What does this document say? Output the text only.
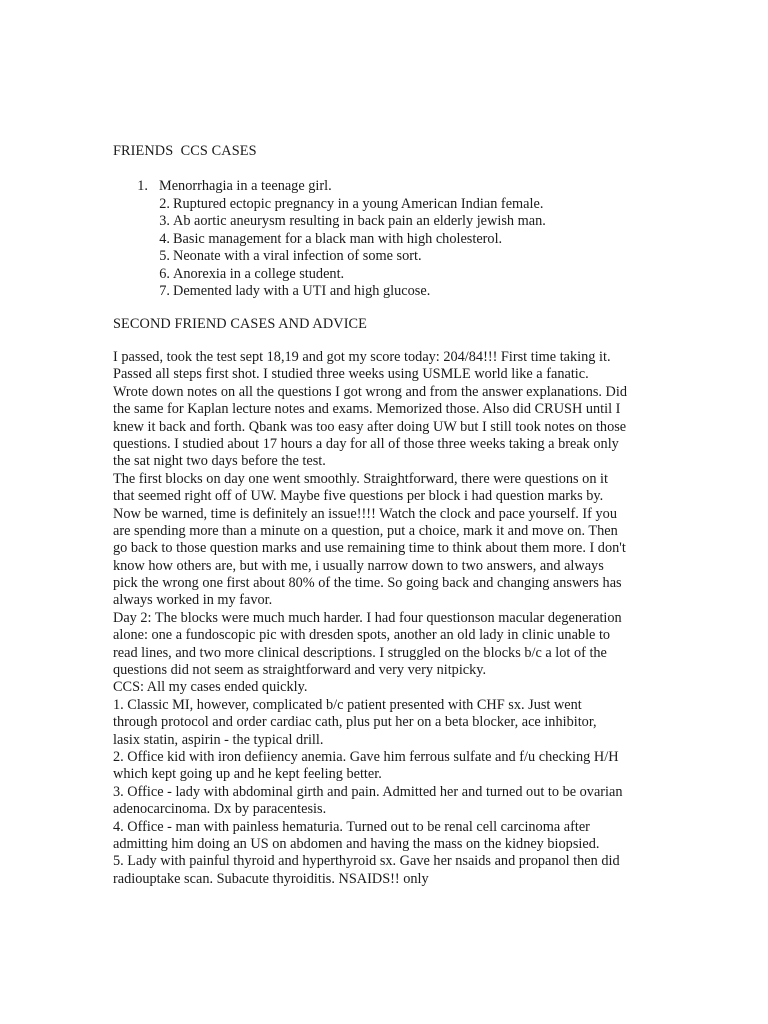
FRIENDS  CCS CASES
1. Menorrhagia in a teenage girl.
2. Ruptured ectopic pregnancy in a young American Indian female.
3. Ab aortic aneurysm resulting in back pain an elderly jewish man.
4. Basic management for a black man with high cholesterol.
5. Neonate with a viral infection of some sort.
6. Anorexia in a college student.
7. Demented lady with a UTI and high glucose.
SECOND FRIEND CASES AND ADVICE
I passed, took the test sept 18,19 and got my score today: 204/84!!! First time taking it.
Passed all steps first shot. I studied three weeks using USMLE world like a fanatic.
Wrote down notes on all the questions I got wrong and from the answer explanations. Did
the same for Kaplan lecture notes and exams. Memorized those. Also did CRUSH until I
knew it back and forth. Qbank was too easy after doing UW but I still took notes on those
questions. I studied about 17 hours a day for all of those three weeks taking a break only
the sat night two days before the test.
The first blocks on day one went smoothly. Straightforward, there were questions on it
that seemed right off of UW. Maybe five questions per block i had question marks by.
Now be warned, time is definitely an issue!!!! Watch the clock and pace yourself. If you
are spending more than a minute on a question, put a choice, mark it and move on. Then
go back to those question marks and use remaining time to think about them more. I don't
know how others are, but with me, i usually narrow down to two answers, and always
pick the wrong one first about 80% of the time. So going back and changing answers has
always worked in my favor.
Day 2: The blocks were much much harder. I had four questionson macular degeneration
alone: one a fundoscopic pic with dresden spots, another an old lady in clinic unable to
read lines, and two more clinical descriptions. I struggled on the blocks b/c a lot of the
questions did not seem as straightforward and very very nitpicky.
CCS: All my cases ended quickly.
1. Classic MI, however, complicated b/c patient presented with CHF sx. Just went
through protocol and order cardiac cath, plus put her on a beta blocker, ace inhibitor,
lasix statin, aspirin - the typical drill.
2. Office kid with iron defiiency anemia. Gave him ferrous sulfate and f/u checking H/H
which kept going up and he kept feeling better.
3. Office - lady with abdominal girth and pain. Admitted her and turned out to be ovarian
adenocarcinoma. Dx by paracentesis.
4. Office - man with painless hematuria. Turned out to be renal cell carcinoma after
admitting him doing an US on abdomen and having the mass on the kidney biopsied.
5. Lady with painful thyroid and hyperthyroid sx. Gave her nsaids and propanol then did
radiouptake scan. Subacute thyroiditis. NSAIDS!! only
